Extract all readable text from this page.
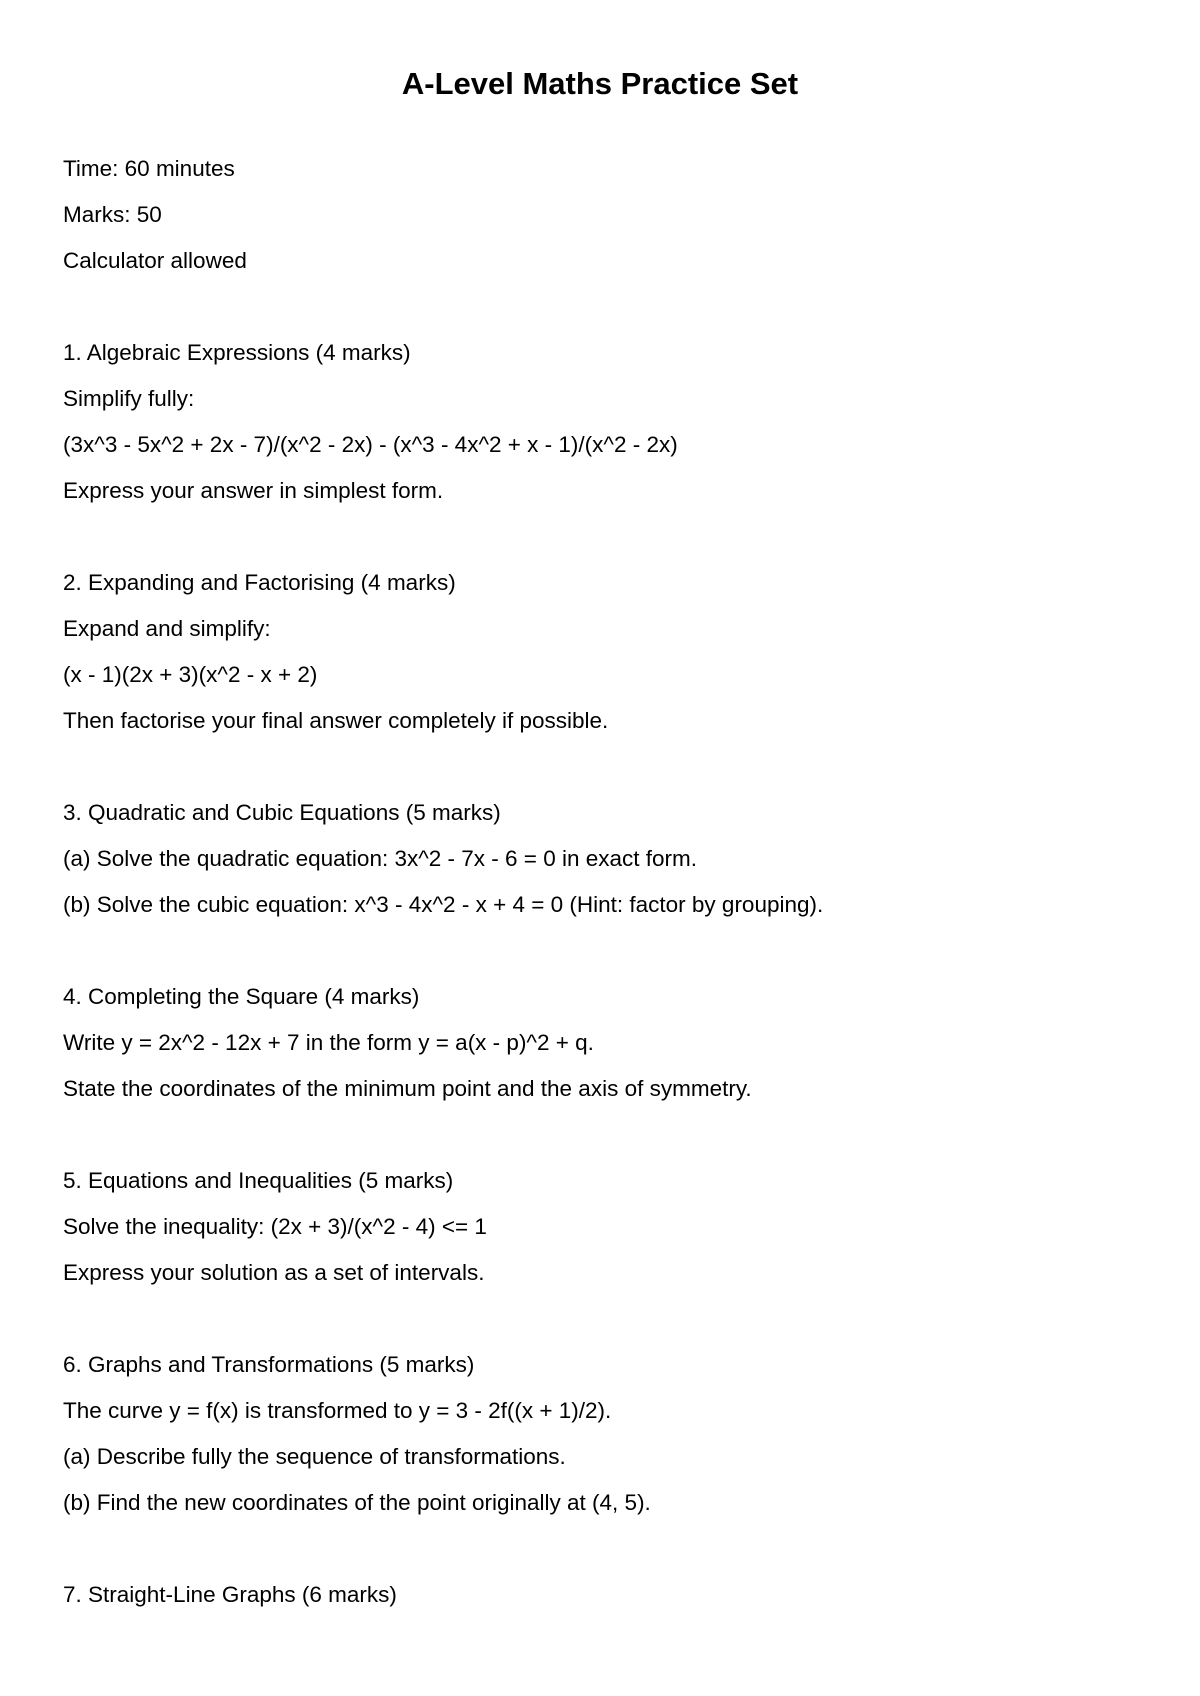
A-Level Maths Practice Set

Time: 60 minutes

Marks: 50

Calculator allowed

1. Algebraic Expressions (4 marks)

Simplify fully:

(3x^3 - 5x^2 + 2x - 7)/(x^2 - 2x) - (x^3 - 4x^2 + x - 1)/(x^2 - 2x)

Express your answer in simplest form.

2. Expanding and Factorising (4 marks)

Expand and simplify:

(x - 1)(2x + 3)(x^2 - x + 2)

Then factorise your final answer completely if possible.

3. Quadratic and Cubic Equations (5 marks)

(a) Solve the quadratic equation: 3x^2 - 7x - 6 = 0 in exact form.

(b) Solve the cubic equation: x^3 - 4x^2 - x + 4 = 0 (Hint: factor by grouping).

4. Completing the Square (4 marks)

Write y = 2x^2 - 12x + 7 in the form y = a(x - p)^2 + q.

State the coordinates of the minimum point and the axis of symmetry.

5. Equations and Inequalities (5 marks)

Solve the inequality: (2x + 3)/(x^2 - 4) <= 1

Express your solution as a set of intervals.

6. Graphs and Transformations (5 marks)

The curve y = f(x) is transformed to y = 3 - 2f((x + 1)/2).

(a) Describe fully the sequence of transformations.

(b) Find the new coordinates of the point originally at (4, 5).

7. Straight-Line Graphs (6 marks)
